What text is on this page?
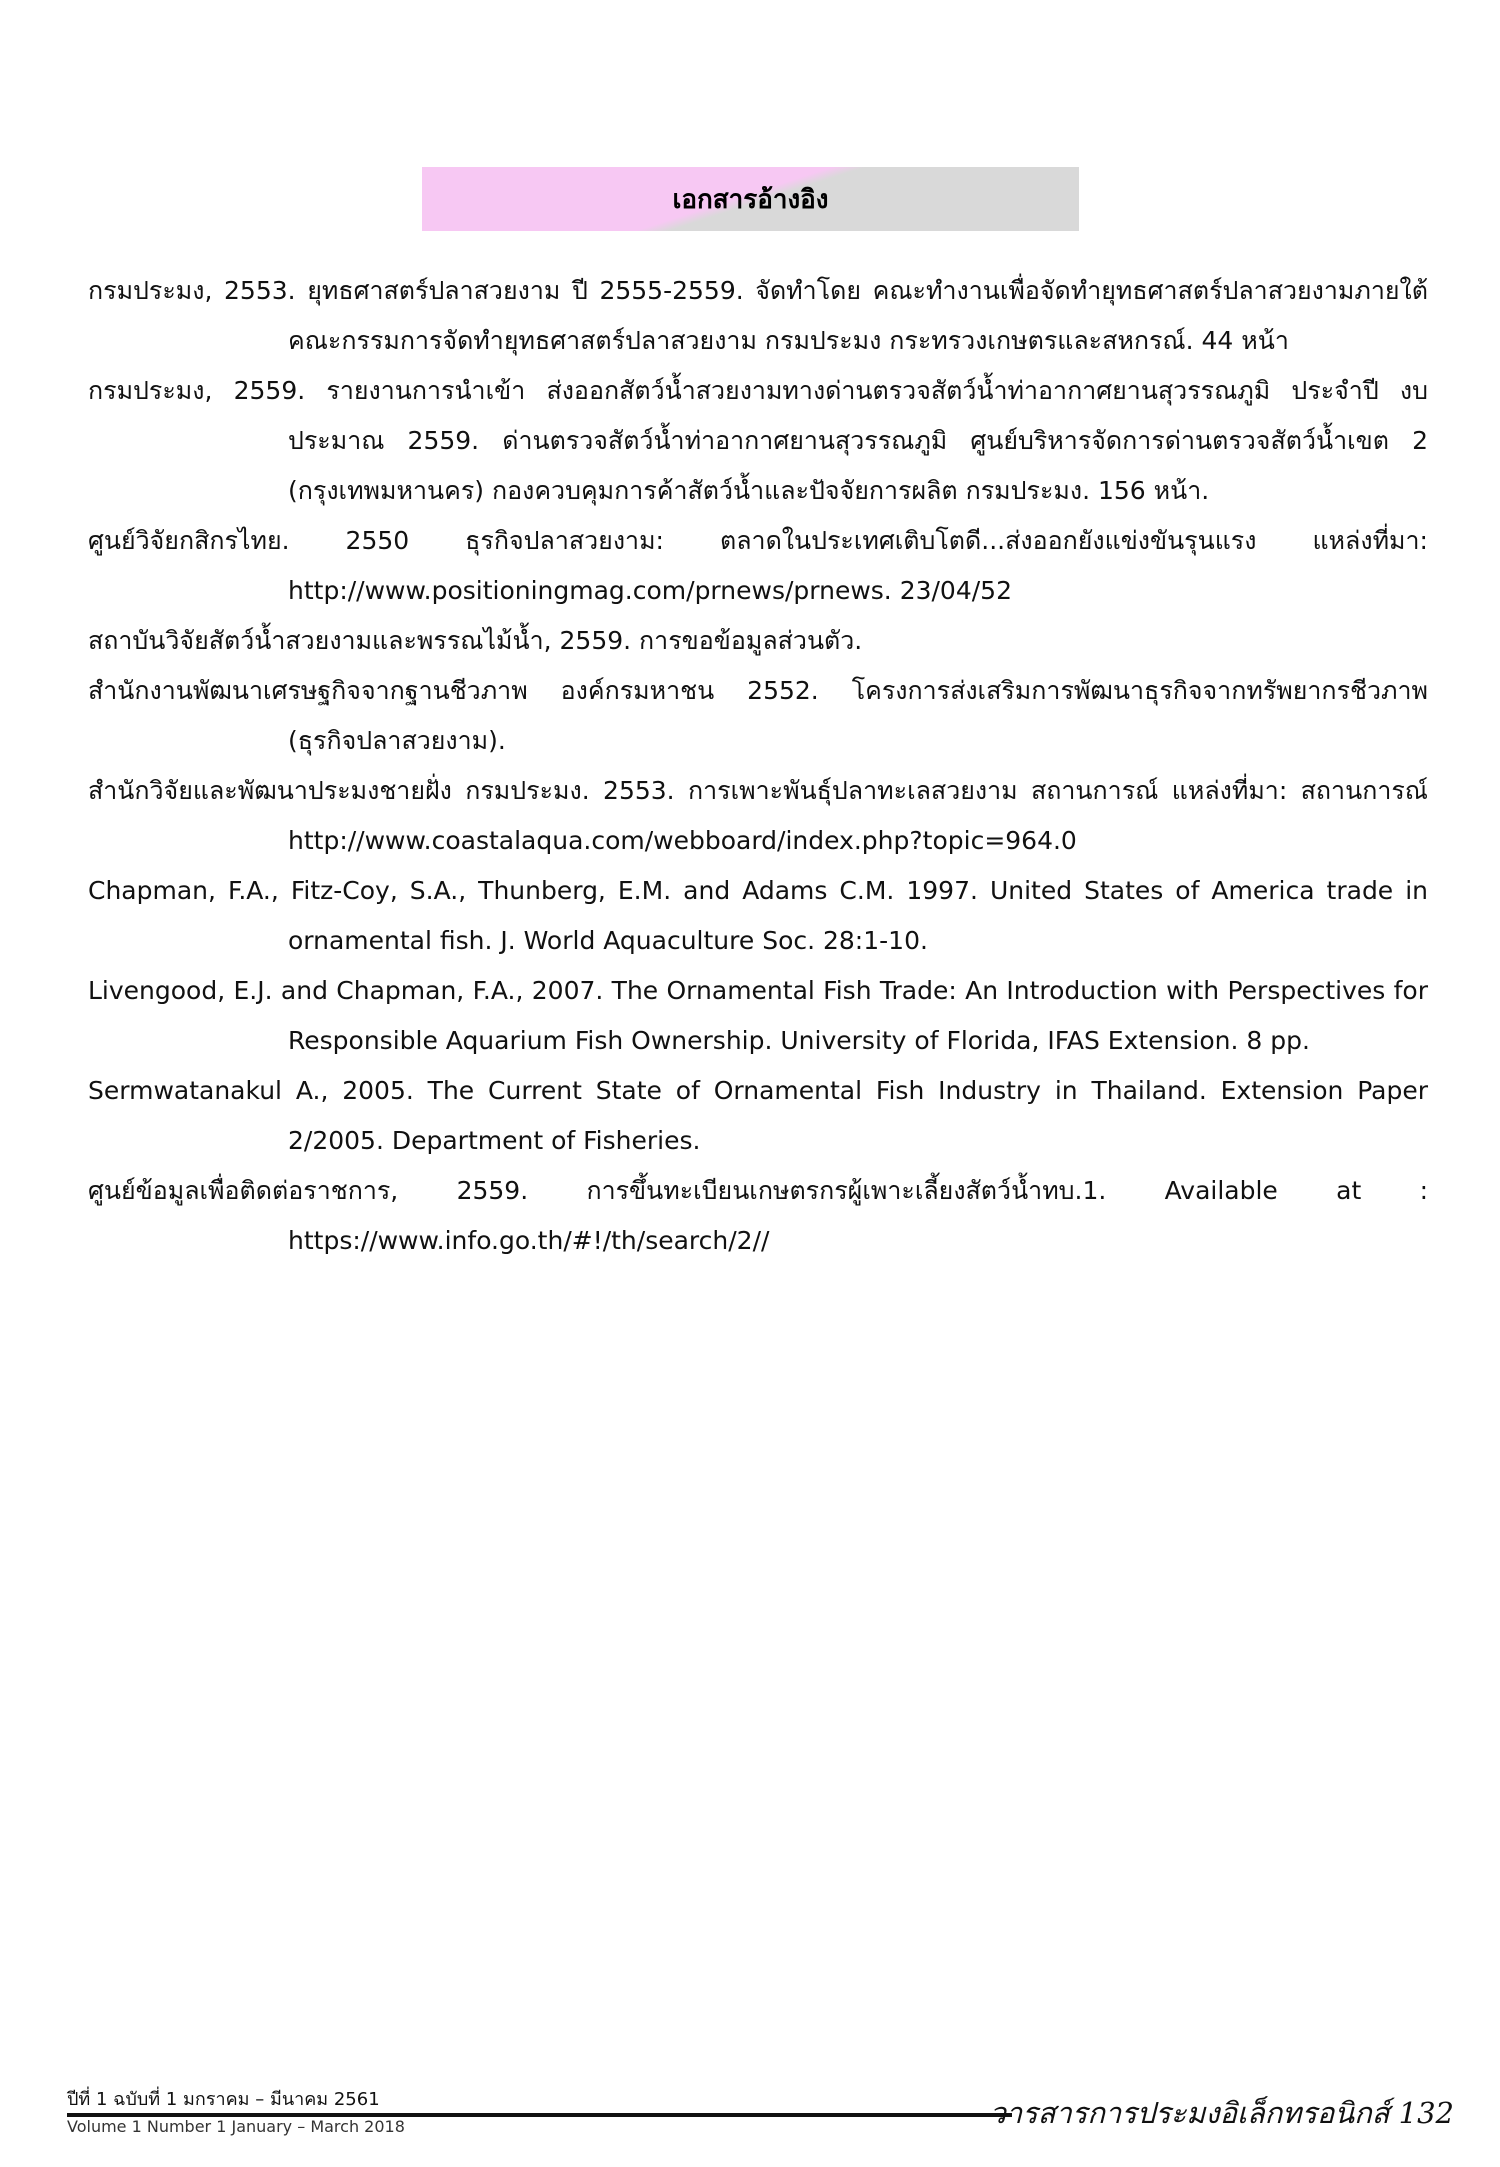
เอกสารอ้างอิง

กรมประมง, 2553. ยุทธศาสตร์ปลาสวยงาม ปี 2555-2559. จัดทำโดย คณะทำงานเพื่อจัดทำยุทธศาสตร์ปลาสวยงามภายใต้ คณะกรรมการจัดทำยุทธศาสตร์ปลาสวยงาม กรมประมง กระทรวงเกษตรและสหกรณ์. 44 หน้า

กรมประมง, 2559. รายงานการนำเข้า ส่งออกสัตว์น้ำสวยงามทางด่านตรวจสัตว์น้ำท่าอากาศยานสุวรรณภูมิ ประจำปี งบประมาณ 2559. ด่านตรวจสัตว์น้ำท่าอากาศยานสุวรรณภูมิ ศูนย์บริหารจัดการด่านตรวจสัตว์น้ำเขต 2 (กรุงเทพมหานคร) กองควบคุมการค้าสัตว์น้ำและปัจจัยการผลิต กรมประมง. 156 หน้า.

ศูนย์วิจัยกสิกรไทย. 2550 ธุรกิจปลาสวยงาม: ตลาดในประเทศเติบโตดี...ส่งออกยังแข่งขันรุนแรง แหล่งที่มา: http://www.positioningmag.com/prnews/prnews. 23/04/52

สถาบันวิจัยสัตว์น้ำสวยงามและพรรณไม้น้ำ, 2559. การขอข้อมูลส่วนตัว.

สำนักงานพัฒนาเศรษฐกิจจากฐานชีวภาพ องค์กรมหาชน 2552. โครงการส่งเสริมการพัฒนาธุรกิจจากทรัพยากรชีวภาพ (ธุรกิจปลาสวยงาม).

สำนักวิจัยและพัฒนาประมงชายฝั่ง กรมประมง. 2553. การเพาะพันธุ์ปลาทะเลสวยงาม สถานการณ์ แหล่งที่มา: สถานการณ์ http://www.coastalaqua.com/webboard/index.php?topic=964.0

Chapman, F.A., Fitz-Coy, S.A., Thunberg, E.M. and Adams C.M. 1997. United States of America trade in ornamental fish. J. World Aquaculture Soc. 28:1-10.

Livengood, E.J. and Chapman, F.A., 2007. The Ornamental Fish Trade: An Introduction with Perspectives for Responsible Aquarium Fish Ownership. University of Florida, IFAS Extension. 8 pp.

Sermwatanakul A., 2005. The Current State of Ornamental Fish Industry in Thailand. Extension Paper 2/2005. Department of Fisheries.

ศูนย์ข้อมูลเพื่อติดต่อราชการ, 2559. การขึ้นทะเบียนเกษตรกรผู้เพาะเลี้ยงสัตว์น้ำทบ.1. Available at : https://www.info.go.th/#!/th/search/2//

ปีที่ 1 ฉบับที่ 1 มกราคม – มีนาคม 2561
Volume 1 Number 1 January – March 2018	วารสารการประมงอิเล็กทรอนิกส์ 132
